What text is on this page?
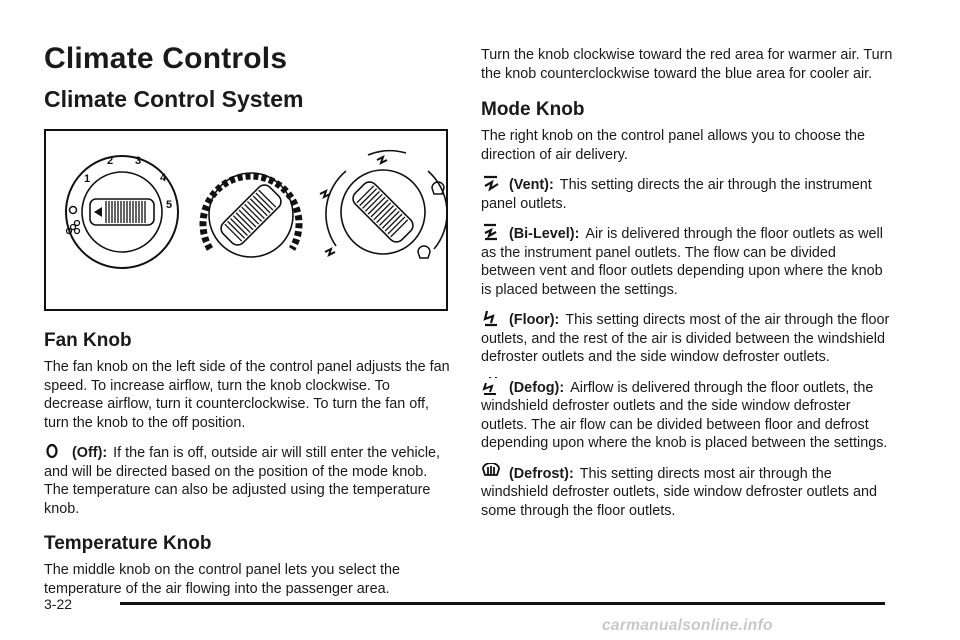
Climate Controls
Climate Control System
1
2 3
4
5
Fan Knob

The fan knob on the left side of the control panel adjusts the fan speed. To increase airflow, turn the knob clockwise. To decrease airflow, turn it counterclockwise. To turn the fan off, turn the knob to the off position.

(Off): If the fan is off, outside air will still enter the vehicle, and will be directed based on the position of the mode knob. The temperature can also be adjusted using the temperature knob.
Temperature Knob

The middle knob on the control panel lets you select the temperature of the air flowing into the passenger area.

Turn the knob clockwise toward the red area for warmer air. Turn the knob counterclockwise toward the blue area for cooler air.

Mode Knob

The right knob on the control panel allows you to choose the direction of air delivery.

(Vent): This setting directs the air through the instrument panel outlets.
(Bi-Level): Air is delivered through the floor outlets as well as the instrument panel outlets. The flow can be divided between vent and floor outlets depending upon where the knob is placed between the settings.
(Floor): This setting directs most of the air through the floor outlets, and the rest of the air is divided between the windshield defroster outlets and the side window defroster outlets.
(Defog): Airflow is delivered through the floor outlets, the windshield defroster outlets and the side window defroster outlets. The air flow can be divided between floor and defrost depending upon where the knob is placed between the settings.
(Defrost): This setting directs most air through the windshield defroster outlets, side window defroster outlets and some through the floor outlets.
3-22
carmanualsonline.info
